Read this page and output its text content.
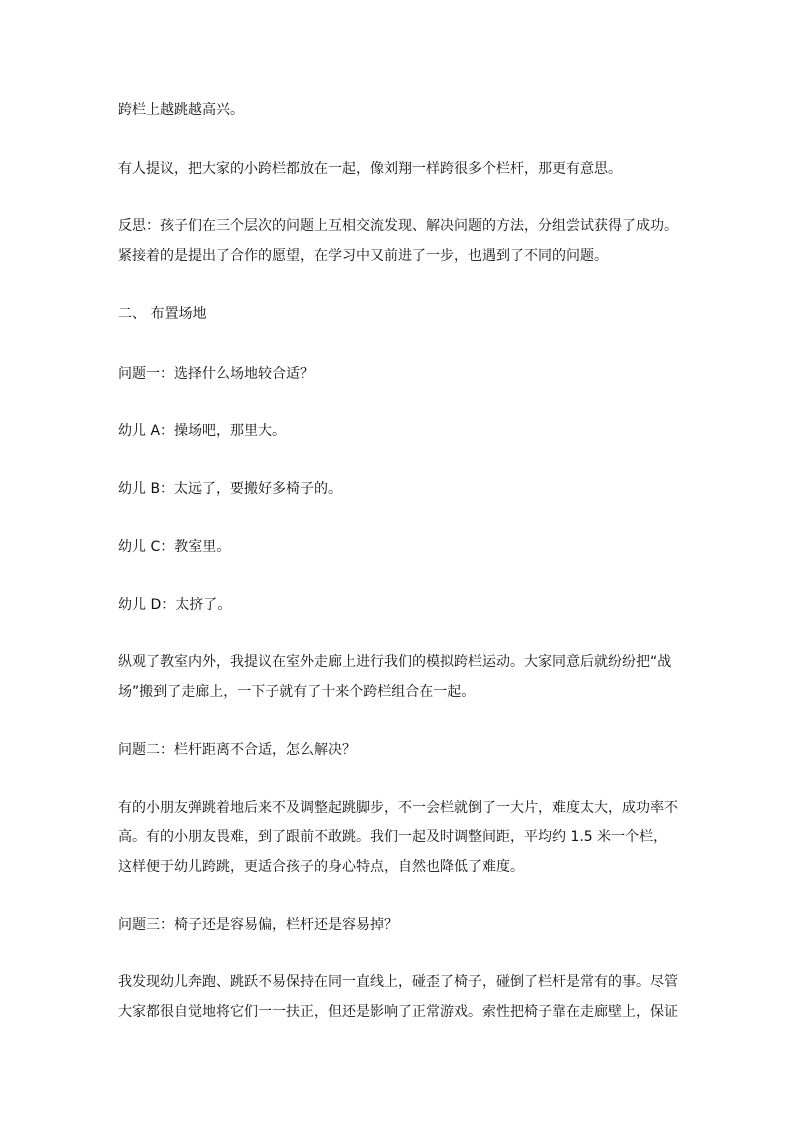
跨栏上越跳越高兴。
有人提议，把大家的小跨栏都放在一起，像刘翔一样跨很多个栏杆，那更有意思。
反思：孩子们在三个层次的问题上互相交流发现、解决问题的方法，分组尝试获得了成功。
紧接着的是提出了合作的愿望，在学习中又前进了一步，也遇到了不同的问题。
二、 布置场地
问题一：选择什么场地较合适？
幼儿 A：操场吧，那里大。
幼儿 B：太远了，要搬好多椅子的。
幼儿 C：教室里。
幼儿 D：太挤了。
纵观了教室内外，我提议在室外走廊上进行我们的模拟跨栏运动。大家同意后就纷纷把“战
场”搬到了走廊上，一下子就有了十来个跨栏组合在一起。
问题二：栏杆距离不合适，怎么解决？
有的小朋友弹跳着地后来不及调整起跳脚步，不一会栏就倒了一大片，难度太大，成功率不
高。有的小朋友畏难，到了跟前不敢跳。我们一起及时调整间距，平均约 1.5 米一个栏，
这样便于幼儿跨跳，更适合孩子的身心特点，自然也降低了难度。
问题三：椅子还是容易偏，栏杆还是容易掉？
我发现幼儿奔跑、跳跃不易保持在同一直线上，碰歪了椅子，碰倒了栏杆是常有的事。尽管
大家都很自觉地将它们一一扶正，但还是影响了正常游戏。索性把椅子靠在走廊壁上，保证
